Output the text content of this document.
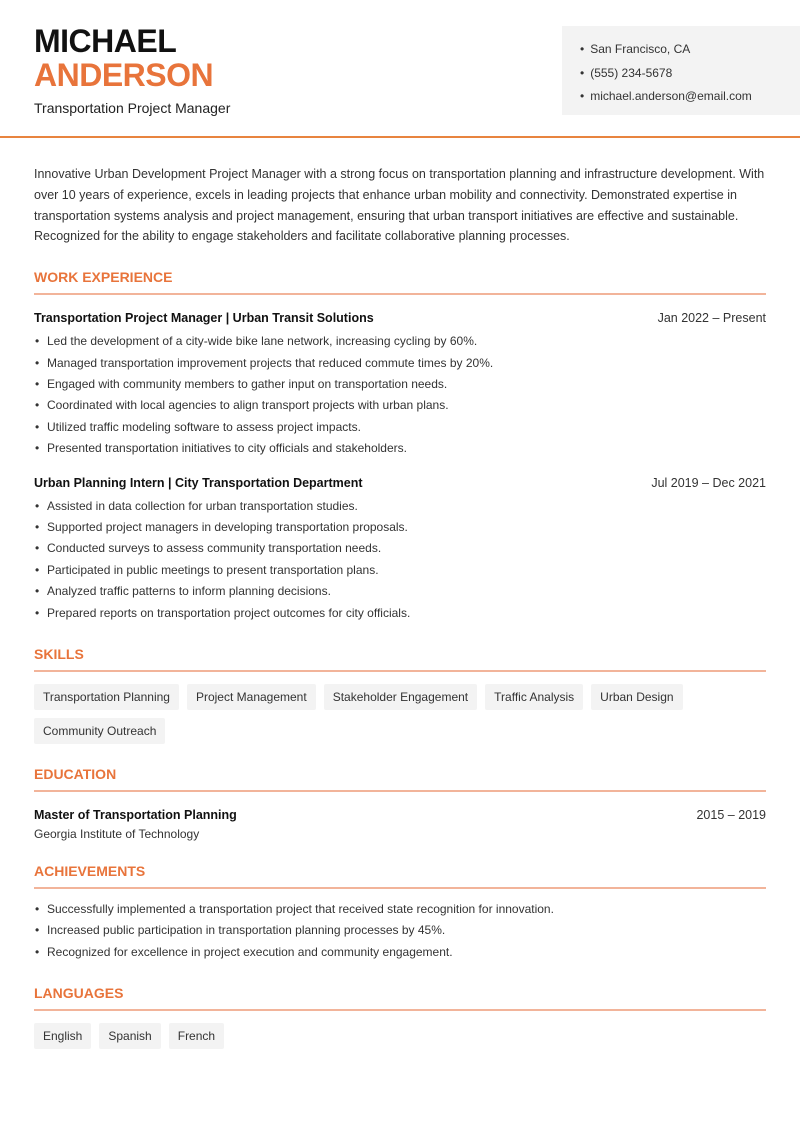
MICHAEL
ANDERSON
Transportation Project Manager
• San Francisco, CA
• (555) 234-5678
• michael.anderson@email.com

Innovative Urban Development Project Manager with a strong focus on transportation planning and infrastructure development. With over 10 years of experience, excels in leading projects that enhance urban mobility and connectivity. Demonstrated expertise in transportation systems analysis and project management, ensuring that urban transport initiatives are effective and sustainable. Recognized for the ability to engage stakeholders and facilitate collaborative planning processes.

WORK EXPERIENCE
Transportation Project Manager | Urban Transit Solutions	Jan 2022 – Present
• Led the development of a city-wide bike lane network, increasing cycling by 60%.
• Managed transportation improvement projects that reduced commute times by 20%.
• Engaged with community members to gather input on transportation needs.
• Coordinated with local agencies to align transport projects with urban plans.
• Utilized traffic modeling software to assess project impacts.
• Presented transportation initiatives to city officials and stakeholders.
Urban Planning Intern | City Transportation Department	Jul 2019 – Dec 2021
• Assisted in data collection for urban transportation studies.
• Supported project managers in developing transportation proposals.
• Conducted surveys to assess community transportation needs.
• Participated in public meetings to present transportation plans.
• Analyzed traffic patterns to inform planning decisions.
• Prepared reports on transportation project outcomes for city officials.
SKILLS
Transportation Planning	Project Management	Stakeholder Engagement	Traffic Analysis	Urban Design
Community Outreach
EDUCATION
Master of Transportation Planning	2015 – 2019
Georgia Institute of Technology
ACHIEVEMENTS
• Successfully implemented a transportation project that received state recognition for innovation.
• Increased public participation in transportation planning processes by 45%.
• Recognized for excellence in project execution and community engagement.
LANGUAGES
English	Spanish	French
